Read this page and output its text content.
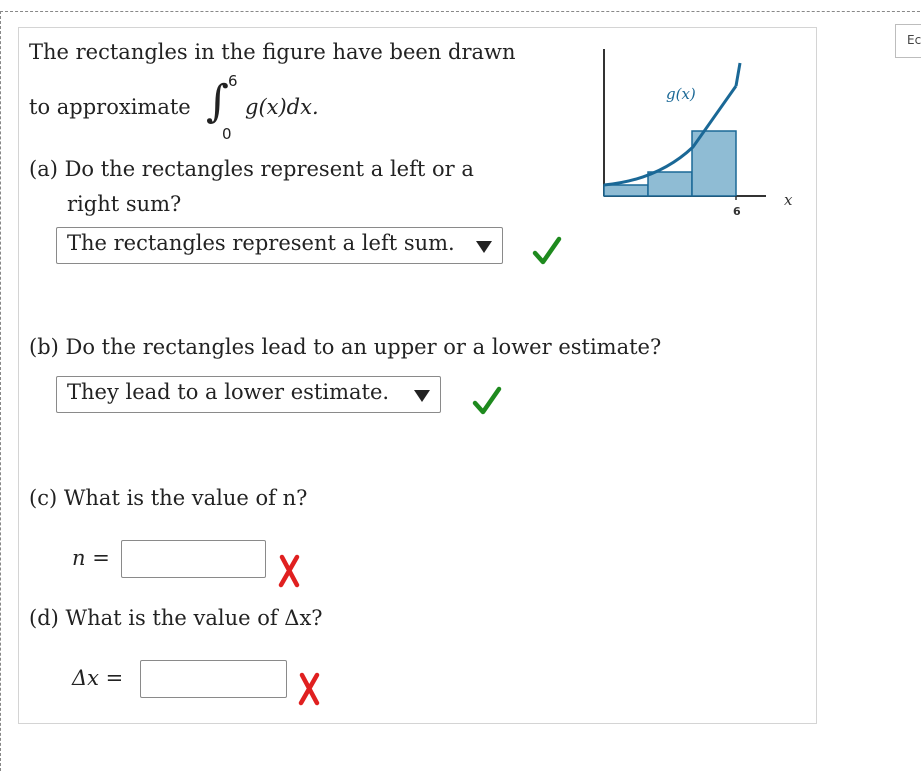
Ec
The rectangles in the figure have been drawn
to approximate ∫ 6
0
g(x)dx.
6
g(x)
x
(a) Do the rectangles represent a left or a
right sum?
The rectangles represent a left sum.
(b) Do the rectangles lead to an upper or a lower estimate?
They lead to a lower estimate.
(c) What is the value of n?
n =
(d) What is the value of Δx?
Δx =
